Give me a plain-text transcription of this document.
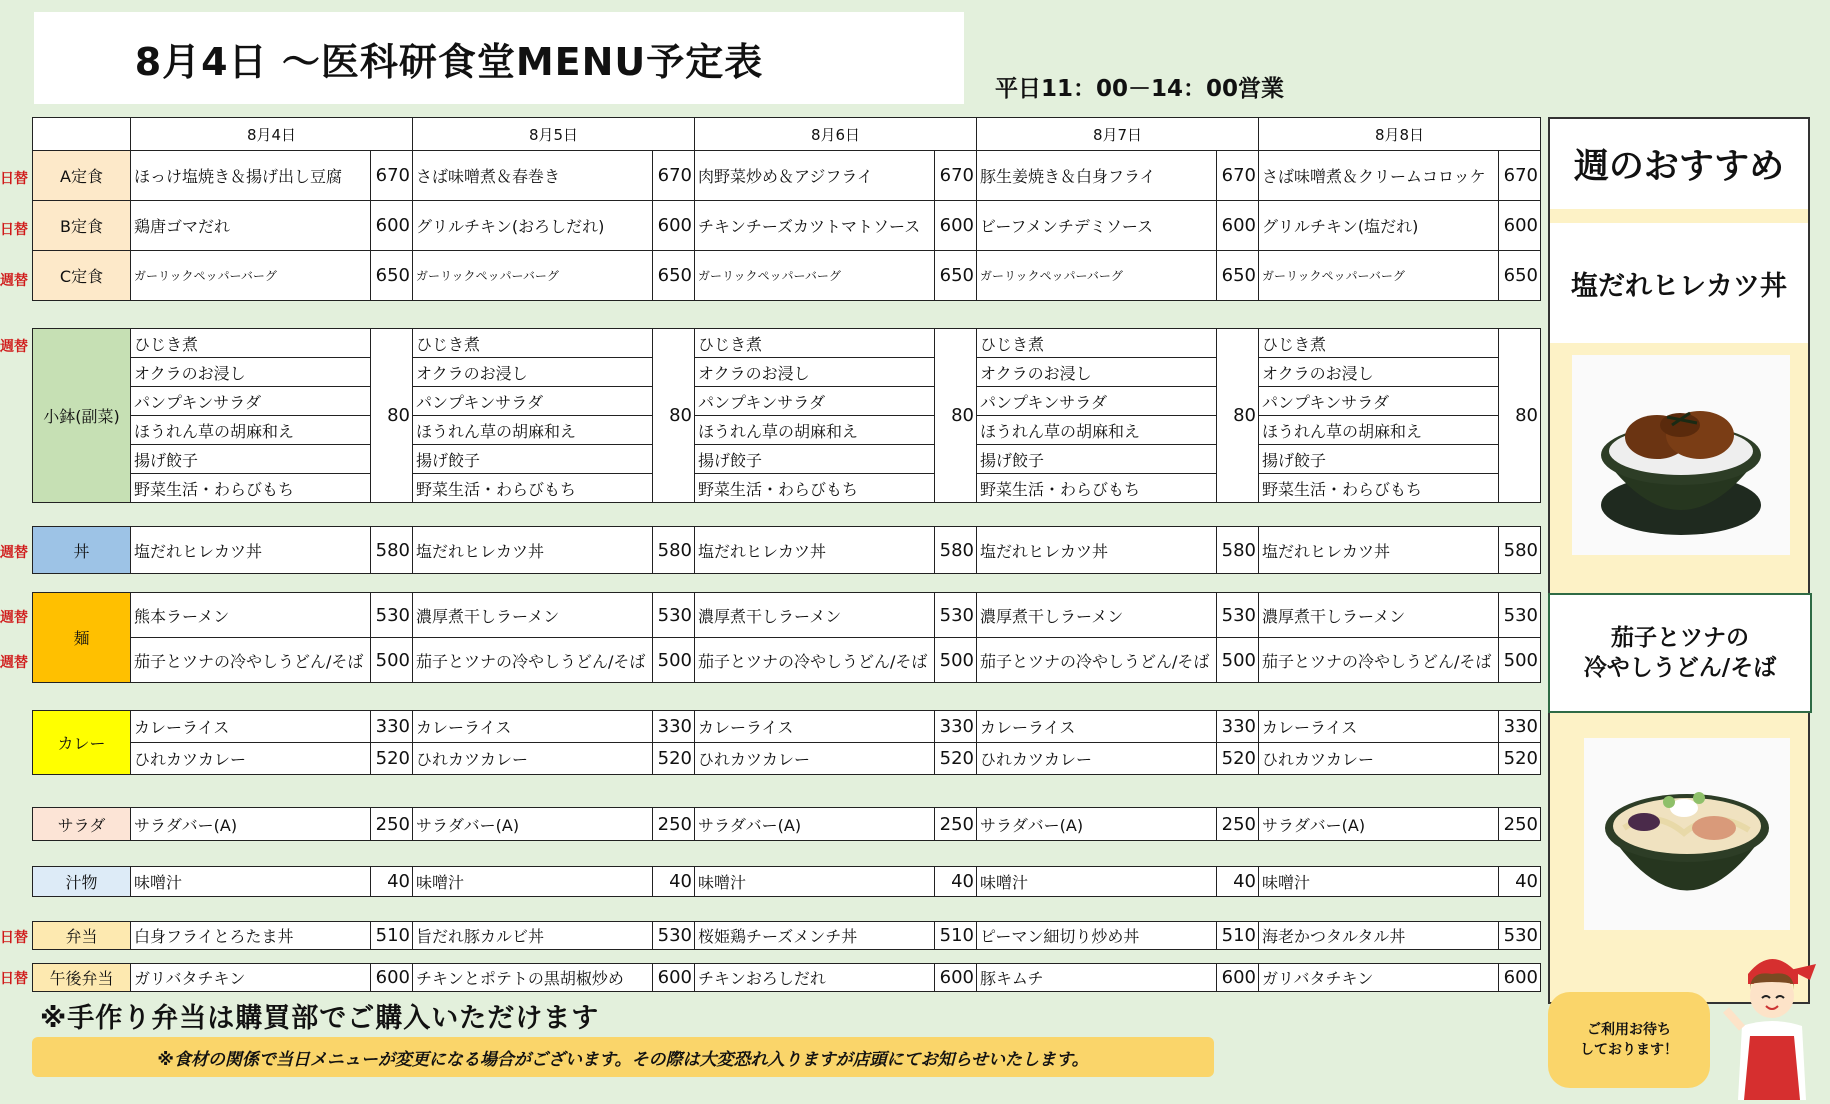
8月4日 ～医科研食堂MENU予定表
平日11：00－14：00営業
日替
日替
週替
週替
週替
週替
週替
日替
日替
	8月4日		8月5日		8月6日		8月7日		8月8日	
A定食	ほっけ塩焼き＆揚げ出し豆腐	670	さば味噌煮＆春巻き	670	肉野菜炒め＆アジフライ	670	豚生姜焼き＆白身フライ	670	さば味噌煮＆クリームコロッケ	670
B定食	鶏唐ゴマだれ	600	グリルチキン(おろしだれ)	600	チキンチーズカツトマトソース	600	ビーフメンチデミソース	600	グリルチキン(塩だれ)	600
C定食	ガーリックペッパーバーグ	650	ガーリックペッパーバーグ	650	ガーリックペッパーバーグ	650	ガーリックペッパーバーグ	650	ガーリックペッパーバーグ	650
小鉢(副菜)	ひじき煮	80	ひじき煮	80	ひじき煮	80	ひじき煮	80	ひじき煮	80
	オクラのお浸し		オクラのお浸し		オクラのお浸し		オクラのお浸し		オクラのお浸し	
	パンプキンサラダ		パンプキンサラダ		パンプキンサラダ		パンプキンサラダ		パンプキンサラダ	
	ほうれん草の胡麻和え		ほうれん草の胡麻和え		ほうれん草の胡麻和え		ほうれん草の胡麻和え		ほうれん草の胡麻和え	
	揚げ餃子		揚げ餃子		揚げ餃子		揚げ餃子		揚げ餃子	
	野菜生活・わらびもち		野菜生活・わらびもち		野菜生活・わらびもち		野菜生活・わらびもち		野菜生活・わらびもち	
丼	塩だれヒレカツ丼	580	塩だれヒレカツ丼	580	塩だれヒレカツ丼	580	塩だれヒレカツ丼	580	塩だれヒレカツ丼	580
麺	熊本ラーメン	530	濃厚煮干しラーメン	530	濃厚煮干しラーメン	530	濃厚煮干しラーメン	530	濃厚煮干しラーメン	530
	茄子とツナの冷やしうどん/そば	500	茄子とツナの冷やしうどん/そば	500	茄子とツナの冷やしうどん/そば	500	茄子とツナの冷やしうどん/そば	500	茄子とツナの冷やしうどん/そば	500
カレー	カレーライス	330	カレーライス	330	カレーライス	330	カレーライス	330	カレーライス	330
	ひれカツカレー	520	ひれカツカレー	520	ひれカツカレー	520	ひれカツカレー	520	ひれカツカレー	520
サラダ	サラダバー(A)	250	サラダバー(A)	250	サラダバー(A)	250	サラダバー(A)	250	サラダバー(A)	250
汁物	味噌汁	40	味噌汁	40	味噌汁	40	味噌汁	40	味噌汁	40
弁当	白身フライとろたま丼	510	旨だれ豚カルビ丼	530	桜姫鶏チーズメンチ丼	510	ピーマン細切り炒め丼	510	海老かつタルタル丼	530
午後弁当	ガリバタチキン	600	チキンとポテトの黒胡椒炒め	600	チキンおろしだれ	600	豚キムチ	600	ガリバタチキン	600
※手作り弁当は購買部でご購入いただけます
※食材の関係で当日メニューが変更になる場合がございます。その際は大変恐れ入りますが店頭にてお知らせいたします。
週のおすすめ
塩だれヒレカツ丼
茄子とツナの
冷やしうどん/そば
ご利用お待ち
しております！
